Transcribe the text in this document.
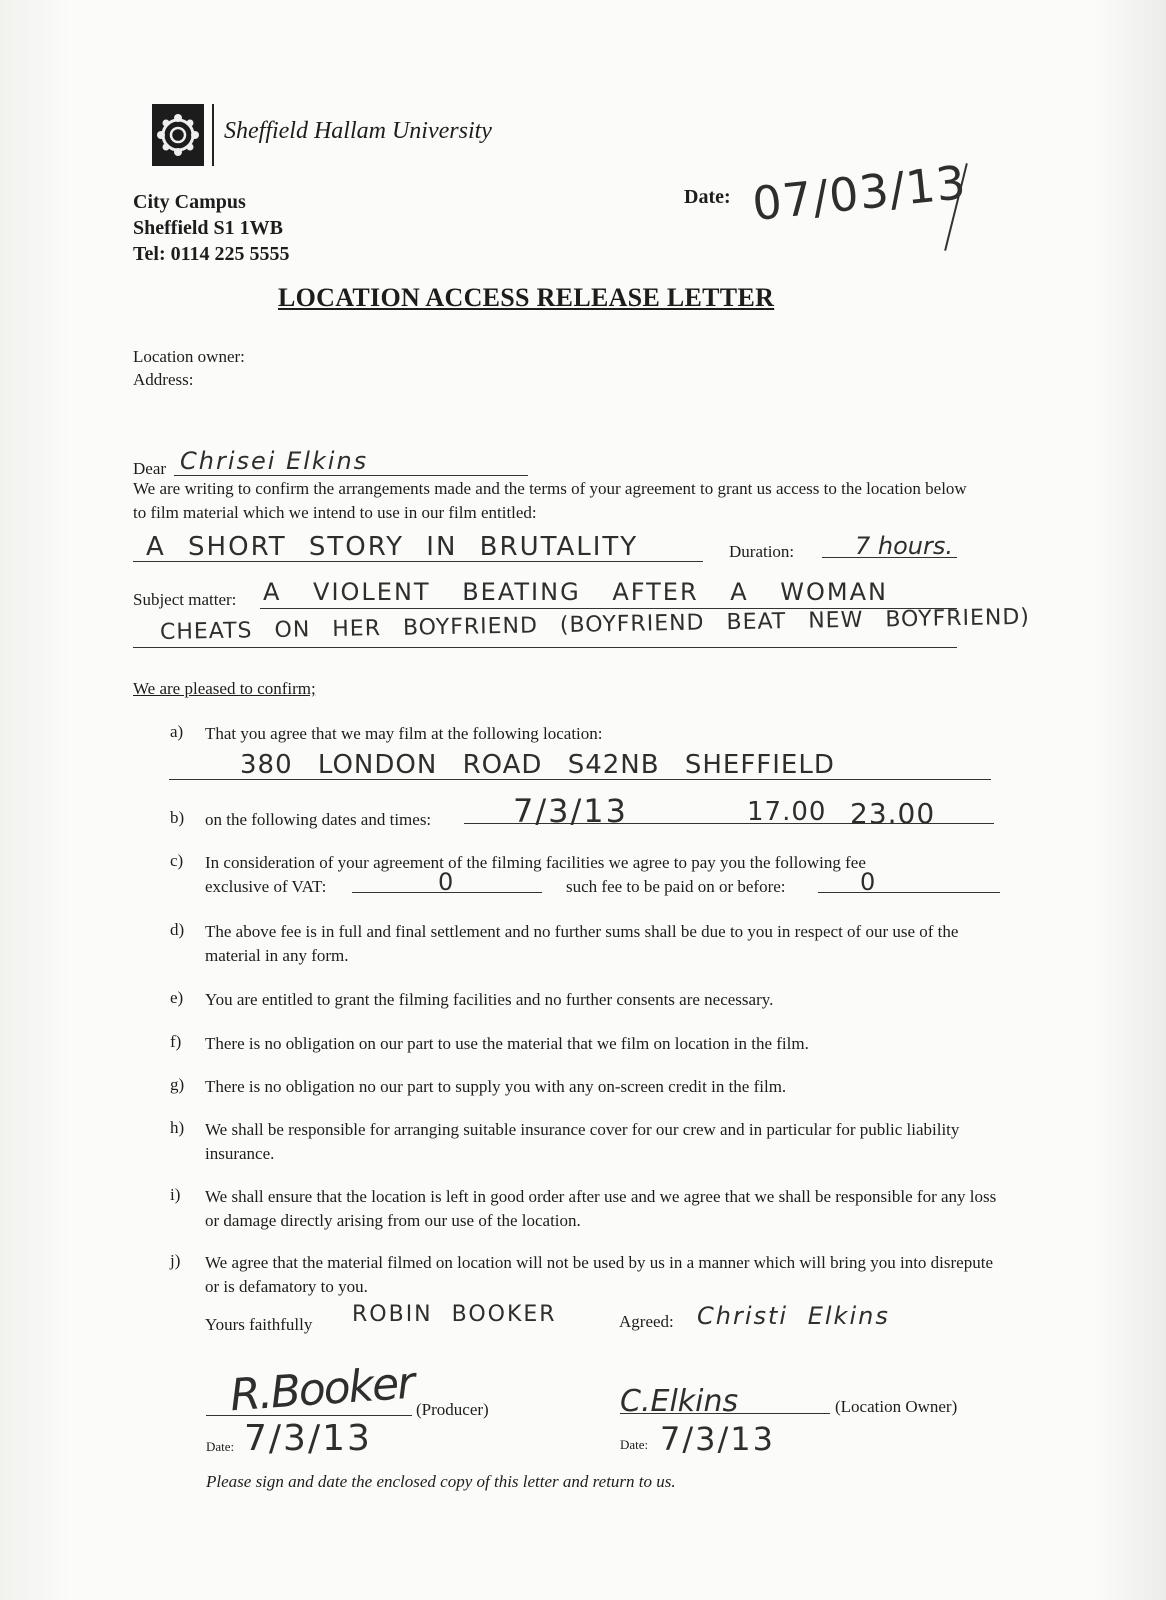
Sheffield Hallam University
City Campus
Sheffield S1 1WB
Tel: 0114 225 5555
Date: 07/03/13
LOCATION ACCESS RELEASE LETTER
Location owner:
Address:
Dear Chrisei Elkins
We are writing to confirm the arrangements made and the terms of your agreement to grant us access to the location below to film material which we intend to use in our film entitled:
A SHORT STORY IN BRUTALITY	Duration:	7 hours.
Subject matter: A VIOLENT BEATING AFTER A WOMAN
CHEATS ON HER BOYFRIEND (BOYFRIEND BEAT NEW BOYFRIEND)
We are pleased to confirm;
a) That you agree that we may film at the following location:
380 LONDON ROAD S42NB SHEFFIELD
b) on the following dates and times:	7/3/13	17.00 23.00
c) In consideration of your agreement of the filming facilities we agree to pay you the following fee
exclusive of VAT:	0	such fee to be paid on or before:	0
d) The above fee is in full and final settlement and no further sums shall be due to you in respect of our use of the material in any form.
e) You are entitled to grant the filming facilities and no further consents are necessary.
f) There is no obligation on our part to use the material that we film on location in the film.
g) There is no obligation no our part to supply you with any on-screen credit in the film.
h) We shall be responsible for arranging suitable insurance cover for our crew and in particular for public liability insurance.
i) We shall ensure that the location is left in good order after use and we agree that we shall be responsible for any loss or damage directly arising from our use of the location.
j) We agree that the material filmed on location will not be used by us in a manner which will bring you into disrepute or is defamatory to you.
Yours faithfully ROBIN BOOKER	Agreed: Christi Elkins
R.Booker (Producer)	C.Elkins	(Location Owner)
Date: 7/3/13	Date: 7/3/13
Please sign and date the enclosed copy of this letter and return to us.
